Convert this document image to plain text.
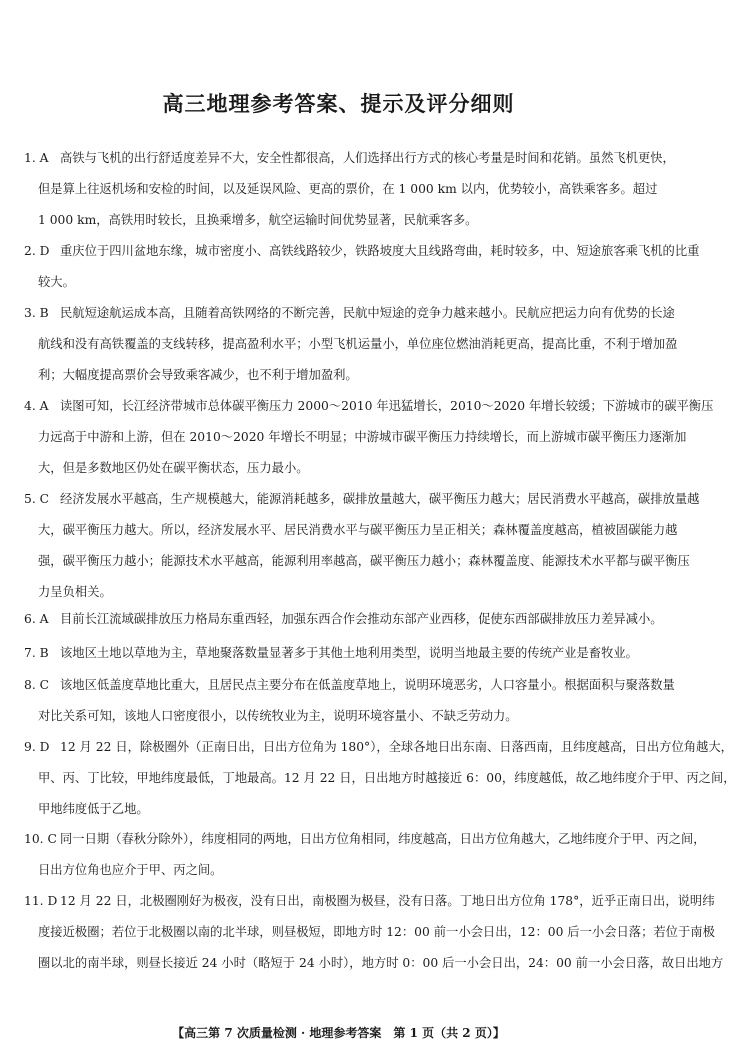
高三地理参考答案、提示及评分细则
1. A 高铁与飞机的出行舒适度差异不大，安全性都很高，人们选择出行方式的核心考量是时间和花销。虽然飞机更快，
但是算上往返机场和安检的时间，以及延误风险、更高的票价，在 1 000 km 以内，优势较小，高铁乘客多。超过
1 000 km，高铁用时较长，且换乘增多，航空运输时间优势显著，民航乘客多。
2. D 重庆位于四川盆地东缘，城市密度小、高铁线路较少，铁路坡度大且线路弯曲，耗时较多，中、短途旅客乘飞机的比重
较大。
3. B 民航短途航运成本高，且随着高铁网络的不断完善，民航中短途的竞争力越来越小。民航应把运力向有优势的长途
航线和没有高铁覆盖的支线转移，提高盈利水平；小型飞机运量小，单位座位燃油消耗更高，提高比重，不利于增加盈
利；大幅度提高票价会导致乘客减少，也不利于增加盈利。
4. A 读图可知，长江经济带城市总体碳平衡压力 2000～2010 年迅猛增长，2010～2020 年增长较缓；下游城市的碳平衡压
力远高于中游和上游，但在 2010～2020 年增长不明显；中游城市碳平衡压力持续增长，而上游城市碳平衡压力逐渐加
大，但是多数地区仍处在碳平衡状态，压力最小。
5. C 经济发展水平越高，生产规模越大，能源消耗越多，碳排放量越大，碳平衡压力越大；居民消费水平越高，碳排放量越
大，碳平衡压力越大。所以，经济发展水平、居民消费水平与碳平衡压力呈正相关；森林覆盖度越高，植被固碳能力越
强，碳平衡压力越小；能源技术水平越高，能源利用率越高，碳平衡压力越小；森林覆盖度、能源技术水平都与碳平衡压
力呈负相关。
6. A 目前长江流域碳排放压力格局东重西轻，加强东西合作会推动东部产业西移，促使东西部碳排放压力差异减小。
7. B 该地区土地以草地为主，草地聚落数量显著多于其他土地利用类型，说明当地最主要的传统产业是畜牧业。
8. C 该地区低盖度草地比重大，且居民点主要分布在低盖度草地上，说明环境恶劣，人口容量小。根据面积与聚落数量
对比关系可知，该地人口密度很小，以传统牧业为主，说明环境容量小、不缺乏劳动力。
9. D 12 月 22 日，除极圈外（正南日出，日出方位角为 180°），全球各地日出东南、日落西南，且纬度越高，日出方位角越大，
甲、丙、丁比较，甲地纬度最低，丁地最高。12 月 22 日，日出地方时越接近 6：00，纬度越低，故乙地纬度介于甲、丙之间，
甲地纬度低于乙地。
10. C 同一日期（春秋分除外），纬度相同的两地，日出方位角相同，纬度越高，日出方位角越大，乙地纬度介于甲、丙之间，
日出方位角也应介于甲、丙之间。
11. D 12 月 22 日，北极圈刚好为极夜，没有日出，南极圈为极昼，没有日落。丁地日出方位角 178°，近乎正南日出，说明纬
度接近极圈；若位于北极圈以南的北半球，则昼极短，即地方时 12：00 前一小会日出，12：00 后一小会日落；若位于南极
圈以北的南半球，则昼长接近 24 小时（略短于 24 小时），地方时 0：00 后一小会日出，24：00 前一小会日落，故日出地方
【高三第 7 次质量检测 · 地理参考答案　第 1 页（共 2 页）】
